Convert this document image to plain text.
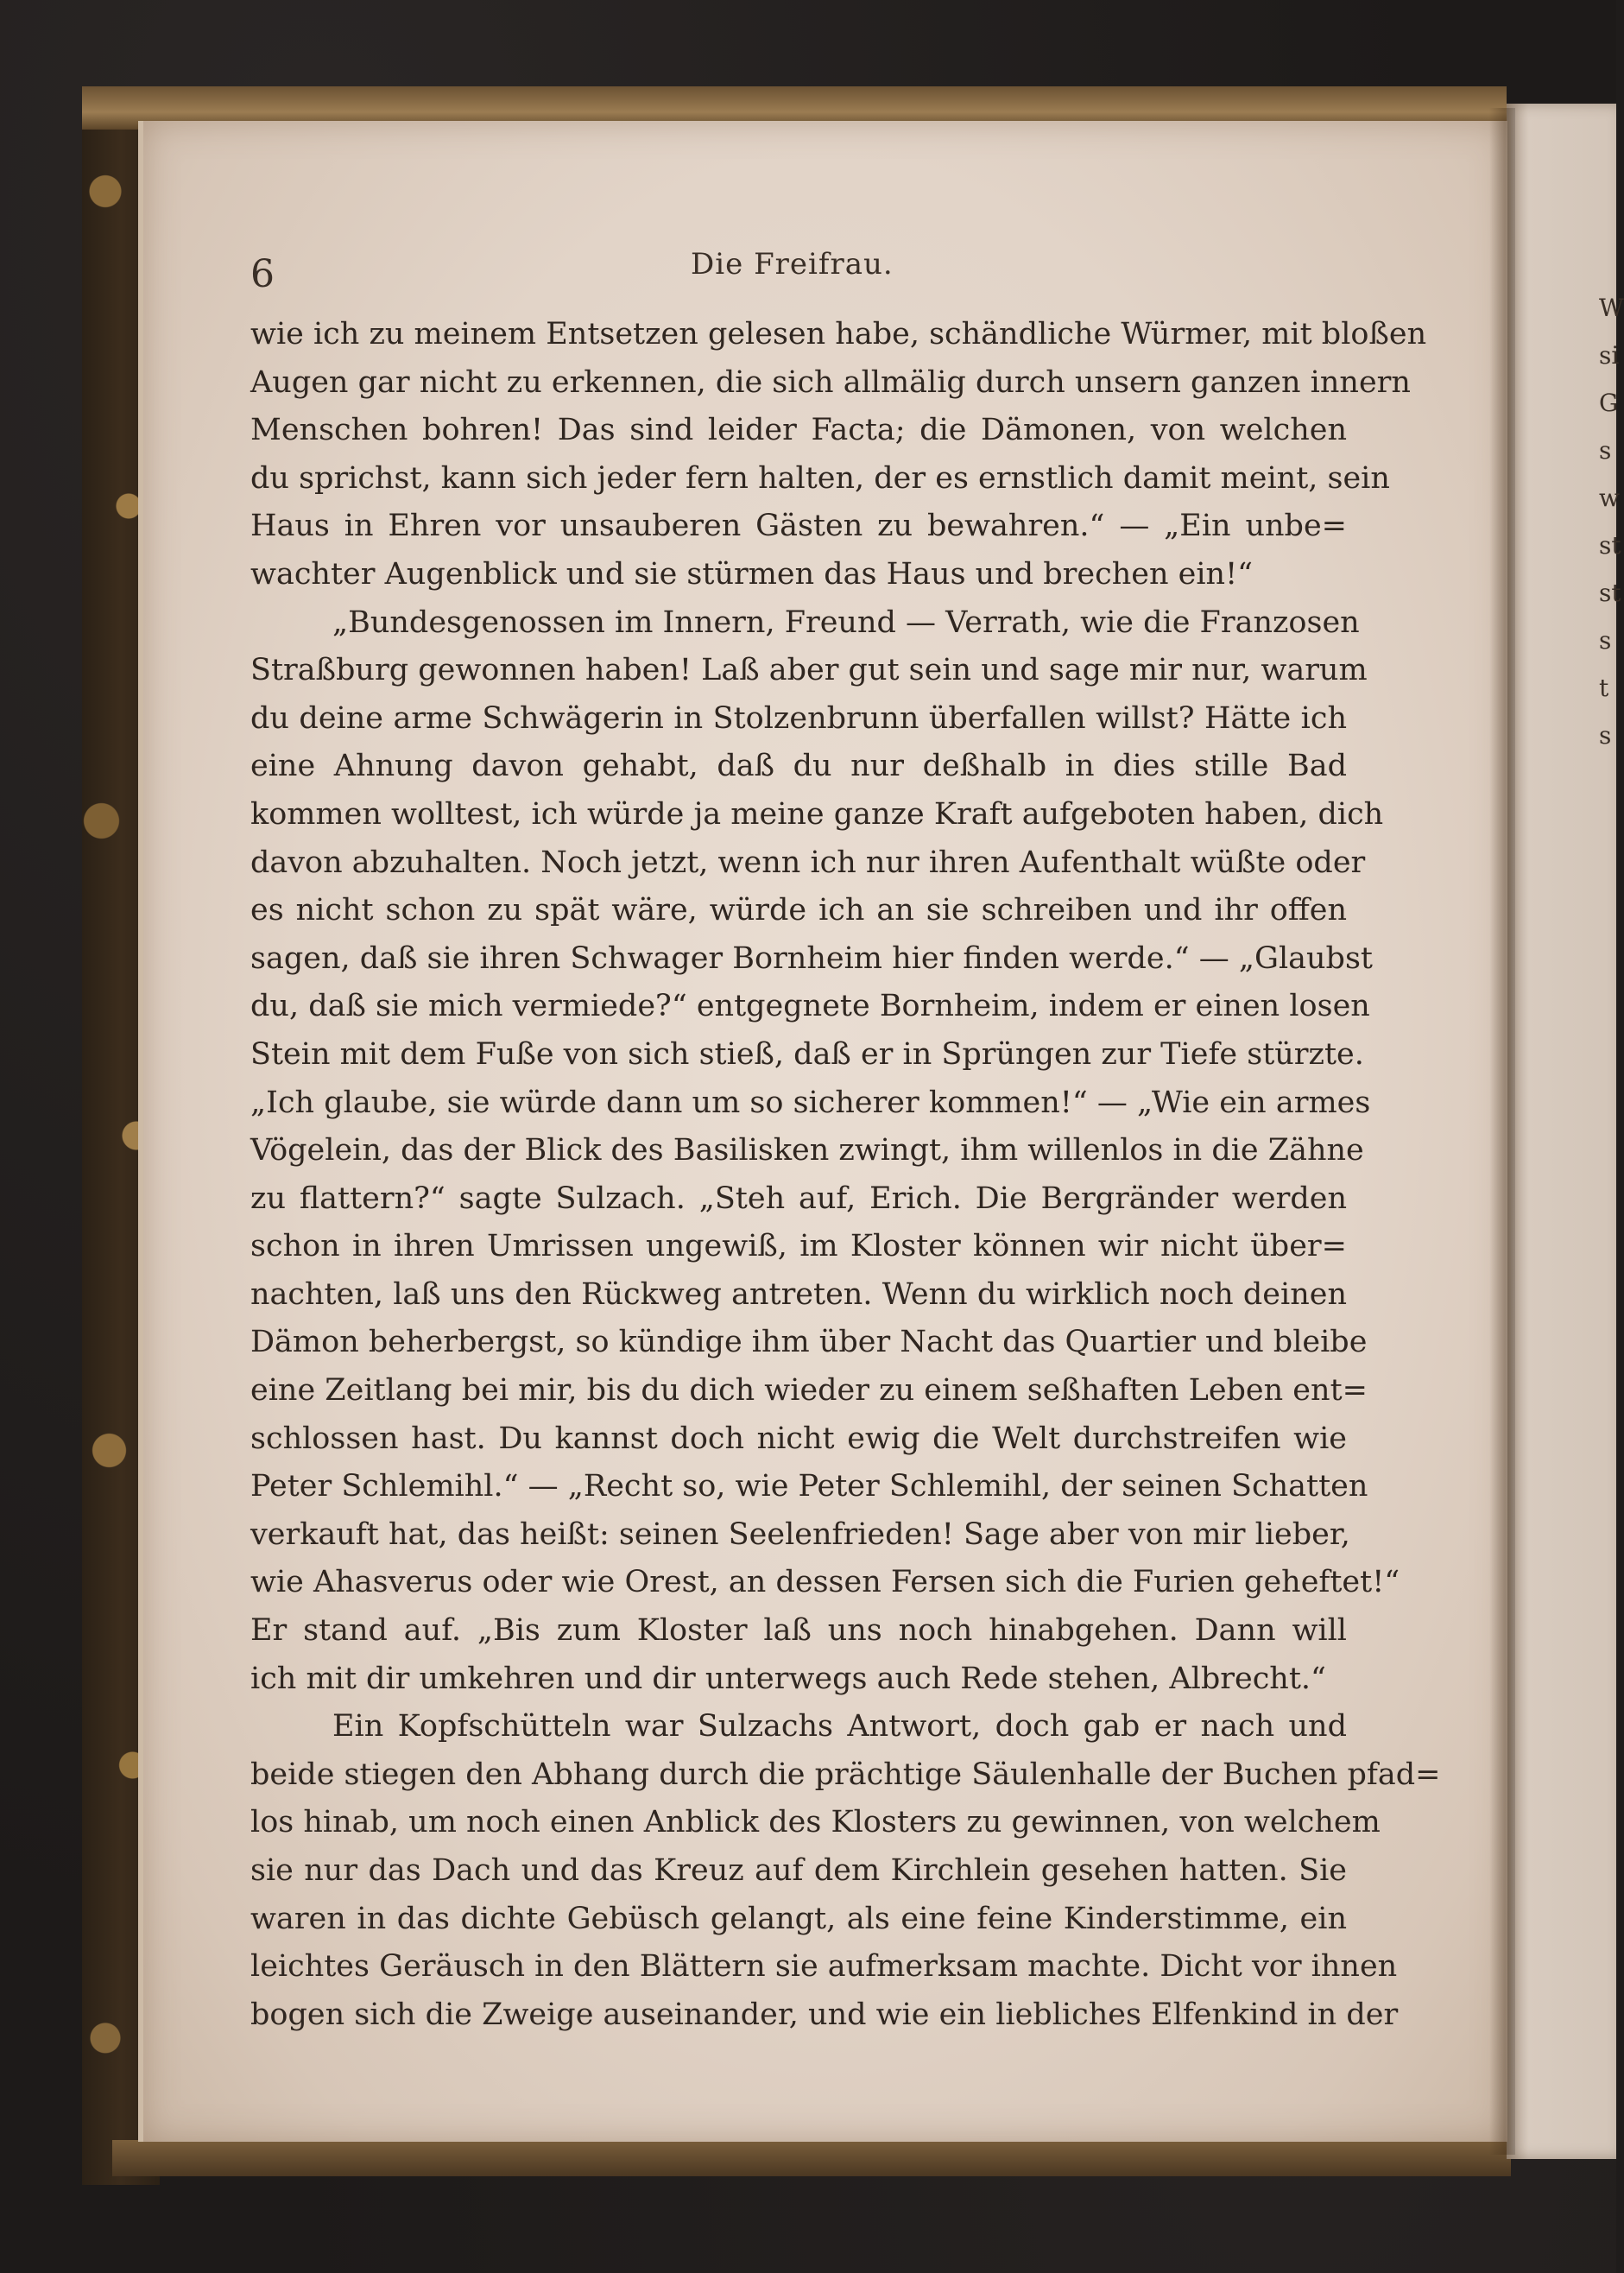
6	Die Freifrau.
wie ich zu meinem Entsetzen gelesen habe, schändliche Würmer, mit bloßen
Augen gar nicht zu erkennen, die sich allmälig durch unsern ganzen innern
Menschen bohren! Das sind leider Facta; die Dämonen, von welchen
du sprichst, kann sich jeder fern halten, der es ernstlich damit meint, sein
Haus in Ehren vor unsauberen Gästen zu bewahren.“ — „Ein unbe=
wachter Augenblick und sie stürmen das Haus und brechen ein!“
„Bundesgenossen im Innern, Freund — Verrath, wie die Franzosen
Straßburg gewonnen haben! Laß aber gut sein und sage mir nur, warum
du deine arme Schwägerin in Stolzenbrunn überfallen willst? Hätte ich
eine Ahnung davon gehabt, daß du nur deßhalb in dies stille Bad
kommen wolltest, ich würde ja meine ganze Kraft aufgeboten haben, dich
davon abzuhalten. Noch jetzt, wenn ich nur ihren Aufenthalt wüßte oder
es nicht schon zu spät wäre, würde ich an sie schreiben und ihr offen
sagen, daß sie ihren Schwager Bornheim hier finden werde.“ — „Glaubst
du, daß sie mich vermiede?“ entgegnete Bornheim, indem er einen losen
Stein mit dem Fuße von sich stieß, daß er in Sprüngen zur Tiefe stürzte.
„Ich glaube, sie würde dann um so sicherer kommen!“ — „Wie ein armes
Vögelein, das der Blick des Basilisken zwingt, ihm willenlos in die Zähne
zu flattern?“ sagte Sulzach. „Steh auf, Erich. Die Bergränder werden
schon in ihren Umrissen ungewiß, im Kloster können wir nicht über=
nachten, laß uns den Rückweg antreten. Wenn du wirklich noch deinen
Dämon beherbergst, so kündige ihm über Nacht das Quartier und bleibe
eine Zeitlang bei mir, bis du dich wieder zu einem seßhaften Leben ent=
schlossen hast. Du kannst doch nicht ewig die Welt durchstreifen wie
Peter Schlemihl.“ — „Recht so, wie Peter Schlemihl, der seinen Schatten
verkauft hat, das heißt: seinen Seelenfrieden! Sage aber von mir lieber,
wie Ahasverus oder wie Orest, an dessen Fersen sich die Furien geheftet!“
Er stand auf. „Bis zum Kloster laß uns noch hinabgehen. Dann will
ich mit dir umkehren und dir unterwegs auch Rede stehen, Albrecht.“
Ein Kopfschütteln war Sulzachs Antwort, doch gab er nach und
beide stiegen den Abhang durch die prächtige Säulenhalle der Buchen pfad=
los hinab, um noch einen Anblick des Klosters zu gewinnen, von welchem
sie nur das Dach und das Kreuz auf dem Kirchlein gesehen hatten. Sie
waren in das dichte Gebüsch gelangt, als eine feine Kinderstimme, ein
leichtes Geräusch in den Blättern sie aufmerksam machte. Dicht vor ihnen
bogen sich die Zweige auseinander, und wie ein liebliches Elfenkind in der
W
si
G
s
w
st
st
s
t
s
